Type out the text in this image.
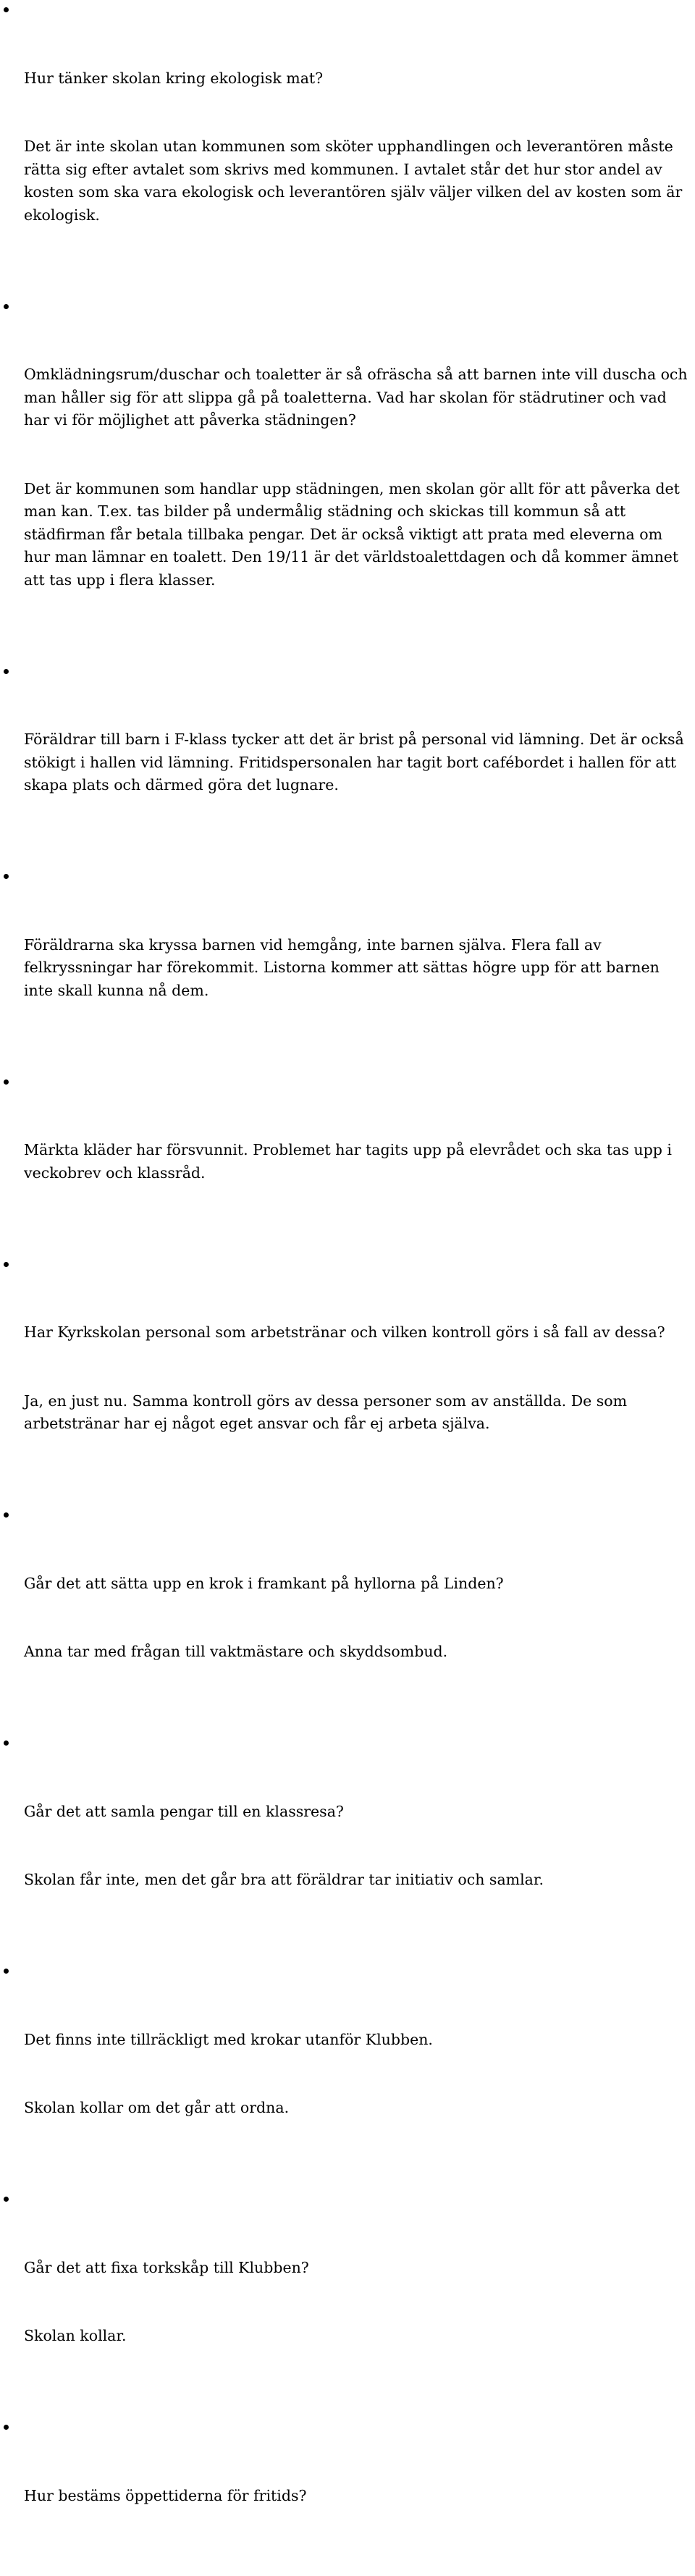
Hur tänker skolan kring ekologisk mat?

Det är inte skolan utan kommunen som sköter upphandlingen och leverantören måste rätta sig efter avtalet som skrivs med kommunen. I avtalet står det hur stor andel av kosten som ska vara ekologisk och leverantören själv väljer vilken del av kosten som är ekologisk.

Omklädningsrum/duschar och toaletter är så ofräscha så att barnen inte vill duscha och man håller sig för att slippa gå på toaletterna. Vad har skolan för städrutiner och vad har vi för möjlighet att påverka städningen?

Det är kommunen som handlar upp städningen, men skolan gör allt för att påverka det man kan. T.ex. tas bilder på undermålig städning och skickas till kommun så att städfirman får betala tillbaka pengar. Det är också viktigt att prata med eleverna om hur man lämnar en toalett. Den 19/11 är det världstoalettdagen och då kommer ämnet att tas upp i flera klasser.

Föräldrar till barn i F-klass tycker att det är brist på personal vid lämning. Det är också stökigt i hallen vid lämning. Fritidspersonalen har tagit bort cafébordet i hallen för att skapa plats och därmed göra det lugnare.

Föräldrarna ska kryssa barnen vid hemgång, inte barnen själva. Flera fall av felkryssningar har förekommit. Listorna kommer att sättas högre upp för att barnen inte skall kunna nå dem.

Märkta kläder har försvunnit. Problemet har tagits upp på elevrådet och ska tas upp i veckobrev och klassråd.

Har Kyrkskolan personal som arbetstränar och vilken kontroll görs i så fall av dessa?

Ja, en just nu. Samma kontroll görs av dessa personer som av anställda. De som arbetstränar har ej något eget ansvar och får ej arbeta själva.

Går det att sätta upp en krok i framkant på hyllorna på Linden?

Anna tar med frågan till vaktmästare och skyddsombud.

Går det att samla pengar till en klassresa?

Skolan får inte, men det går bra att föräldrar tar initiativ och samlar.

Det finns inte tillräckligt med krokar utanför Klubben.

Skolan kollar om det går att ordna.

Går det att fixa torkskåp till Klubben?

Skolan kollar.

Hur bestäms öppettiderna för fritids?
